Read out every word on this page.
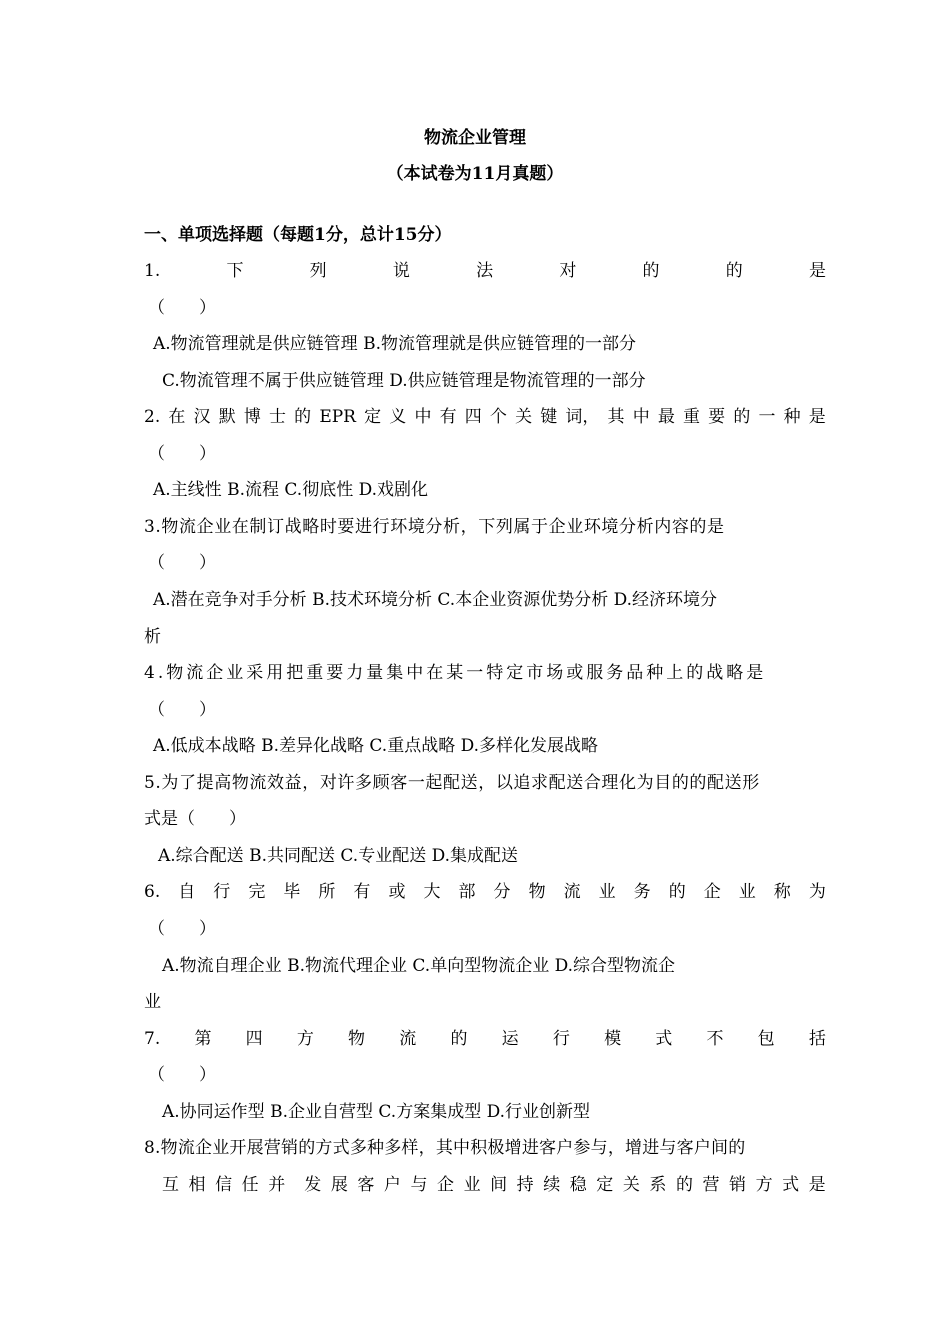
物流企业管理
（本试卷为11月真题）
一、单项选择题（每题1分，总计15分）
1.	下	列	说	法	对	的	的	是
（　　）
A.物流管理就是供应链管理 B.物流管理就是供应链管理的一部分
C.物流管理不属于供应链管理 D.供应链管理是物流管理的一部分
2. 在 汉 默 博 士 的 EPR 定 义 中 有 四 个 关 键 词， 其 中 最 重 要 的 一 种 是
（　　）
A.主线性 B.流程 C.彻底性 D.戏剧化
3.物流企业在制订战略时要进行环境分析，下列属于企业环境分析内容的是
（　　）
A.潜在竞争对手分析 B.技术环境分析 C.本企业资源优势分析 D.经济环境分
析
4.物流企业采用把重要力量集中在某一特定市场或服务品种上的战略是
（　　）
A.低成本战略 B.差异化战略 C.重点战略 D.多样化发展战略
5.为了提高物流效益，对许多顾客一起配送，以追求配送合理化为目的的配送形
式是（　　）
A.综合配送 B.共同配送 C.专业配送 D.集成配送
6. 自 行 完 毕 所 有 或 大 部 分 物 流 业 务 的 企 业 称 为
（　　）
A.物流自理企业 B.物流代理企业 C.单向型物流企业 D.综合型物流企
业
7. 第 四 方 物 流 的 运 行 模 式 不 包 括
（　　）
A.协同运作型 B.企业自营型 C.方案集成型 D.行业创新型
8.物流企业开展营销的方式多种多样，其中积极增进客户参与，增进与客户间的
互 相 信 任 并 发 展 客 户 与 企 业 间 持 续 稳 定 关 系 的 营 销 方 式 是
